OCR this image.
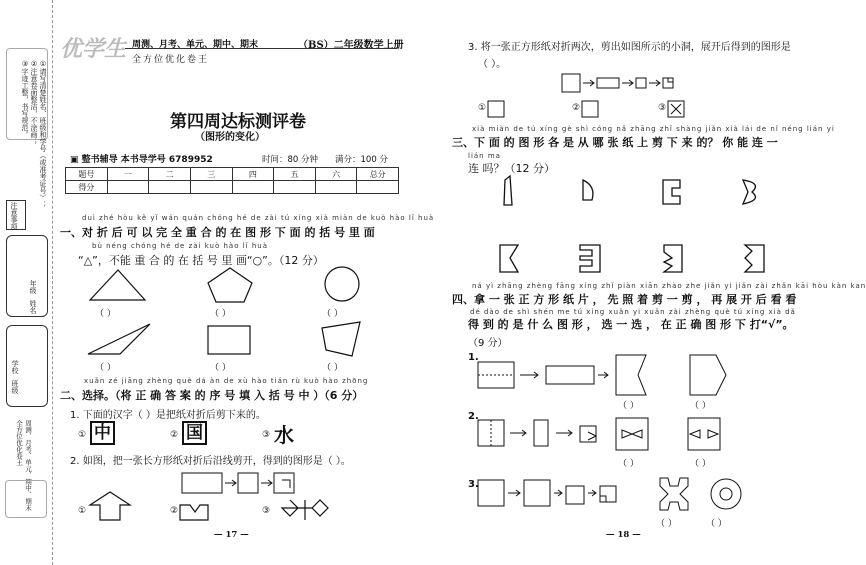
①请写清楚姓名、班级和学号（或准考证号）；
②注意卷面整洁，不涂画；
③字迹工整，书写规范。
注意事项
年级
姓名
学校
班级
周测、月考、单元、期中、期末
全方位优化卷王
优学生 周测、月考、单元、期中、期末
全方位优化卷王
（BS）二年级数学上册
第四周达标测评卷
（图形的变化）
▣ 整书辅导 本书导学号 6789952	时间：80 分钟 满分：100 分
题号	一	二	三	四	五	六	总分
得分							
duì zhé hòu kě yǐ wán quán chóng hé de zài tú xíng xià miàn de kuò hào lǐ huà
一、对 折 后 可 以 完 全 重 合 的 在 图 形 下 面 的 括 号 里 面
bù néng chóng hé de zài kuò hào lǐ huà
“△”，不能 重 合 的 在 括 号 里 画“○”。（12 分）
（ ）	（ ）	（ ）
（ ）	（ ）	（ ）
xuǎn zé jiāng zhèng què dá àn de xù hào tián rù kuò hào zhōng
二、选择。（将 正 确 答 案 的 序 号 填 入 括 号 中 ）（6 分）
1. 下面的汉字（ ）是把纸对折后剪下来的。
① 中	② 国	③ 水
2. 如图，把一张长方形纸对折后沿线剪开，得到的图形是（ ）。
①	②	③
— 17 —
3. 将一张正方形纸对折两次，剪出如图所示的小洞，展开后得到的图形是
（ ）。
①	②	③
xià miàn de tú xíng gè shì cóng nǎ zhāng zhǐ shàng jiǎn xià lái de nǐ néng lián yi
三、下 面 的 图 形 各 是 从 哪 张 纸 上 剪 下 来 的？ 你 能 连 一
lián ma
连 吗？（12 分）
ná yì zhāng zhèng fāng xíng zhǐ piàn xiān zhào zhe jiǎn yi jiǎn zài zhǎn kāi hòu kàn kan
四、拿 一 张 正 方 形 纸 片 ， 先 照 着 剪 一 剪 ， 再 展 开 后 看 看
dé dào de shì shén me tú xíng xuǎn yi xuǎn zài zhèng què tú xíng xià dǎ
得 到 的 是 什 么 图 形 ， 选 一 选 ， 在 正 确 图 形 下 打“√”。
（9 分）
1.
2.
3.
（ ）	（ ）
（ ）	（ ）
（ ）	（ ）
— 18 —
